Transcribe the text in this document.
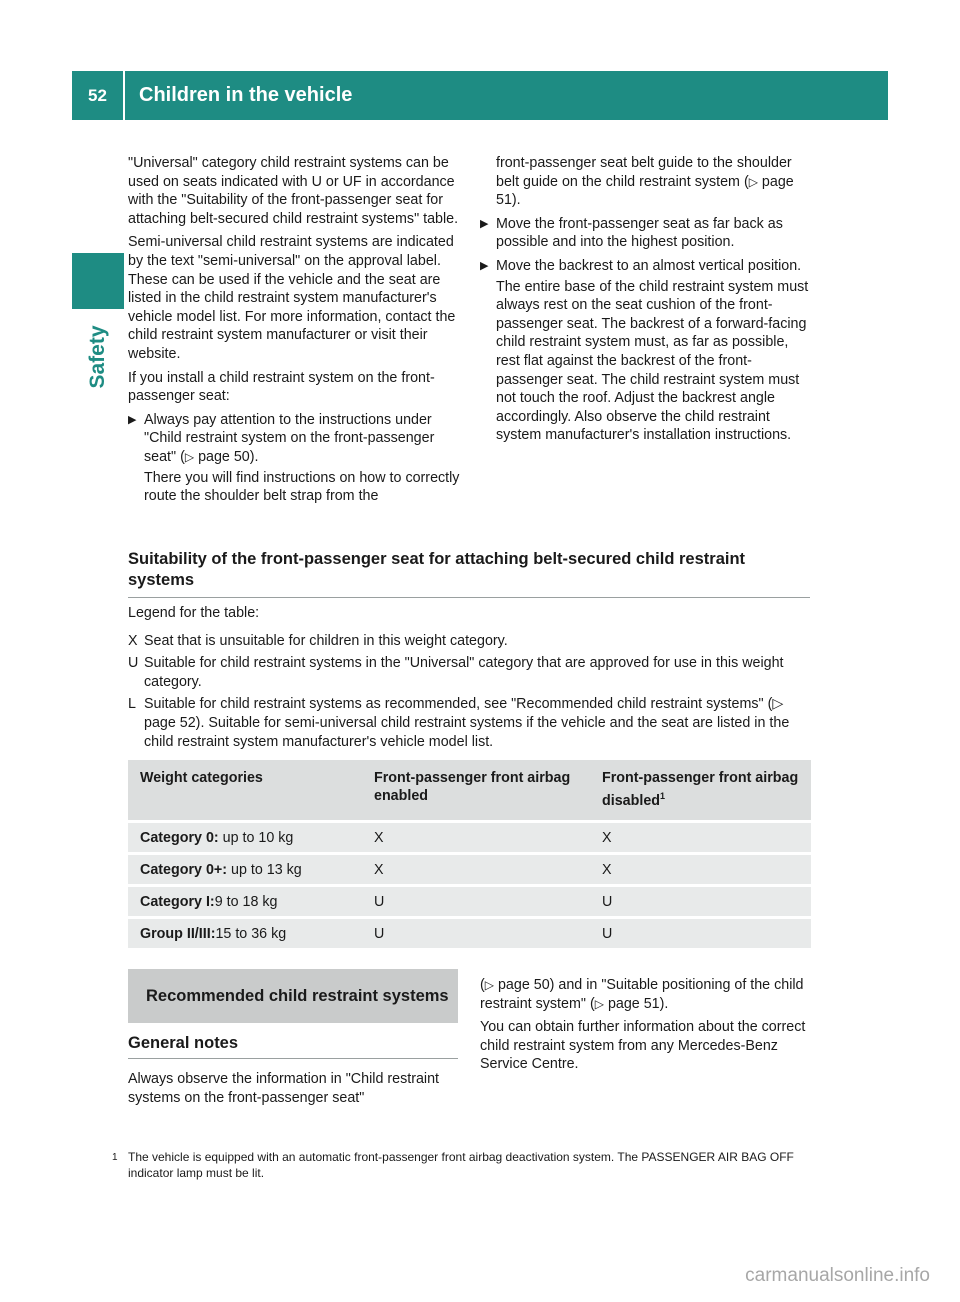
52	Children in the vehicle
Safety

"Universal" category child restraint systems can be used on seats indicated with U or UF in accordance with the "Suitability of the front-passenger seat for attaching belt-secured child restraint systems" table.

Semi-universal child restraint systems are indicated by the text "semi-universal" on the approval label. These can be used if the vehicle and the seat are listed in the child restraint system manufacturer's vehicle model list. For more information, contact the child restraint system manufacturer or visit their website.

If you install a child restraint system on the front-passenger seat:

▶ Always pay attention to the instructions under "Child restraint system on the front-passenger seat" (▷ page 50).
There you will find instructions on how to correctly route the shoulder belt strap from the
front-passenger seat belt guide to the shoulder belt guide on the child restraint system (▷ page 51).
▶ Move the front-passenger seat as far back as possible and into the highest position.
▶ Move the backrest to an almost vertical position.
The entire base of the child restraint system must always rest on the seat cushion of the front-passenger seat. The backrest of a forward-facing child restraint system must, as far as possible, rest flat against the backrest of the front-passenger seat. The child restraint system must not touch the roof. Adjust the backrest angle accordingly. Also observe the child restraint system manufacturer's installation instructions.
Suitability of the front-passenger seat for attaching belt-secured child restraint systems

Legend for the table:

X Seat that is unsuitable for children in this weight category.
U Suitable for child restraint systems in the "Universal" category that are approved for use in this weight category.
L Suitable for child restraint systems as recommended, see "Recommended child restraint systems" (▷ page 52). Suitable for semi-universal child restraint systems if the vehicle and the seat are listed in the child restraint system manufacturer's vehicle model list.
Weight categories	Front-passenger front airbag enabled	Front-passenger front airbag disabled$^1$
Category 0: up to 10 kg	X	X
Category 0+: up to 13 kg	X	X
Category I:9 to 18 kg	U	U
Group II/III:15 to 36 kg	U	U
Recommended child restraint systems
General notes

Always observe the information in "Child restraint systems on the front-passenger seat"

(▷ page 50) and in "Suitable positioning of the child restraint system" (▷ page 51).

You can obtain further information about the correct child restraint system from any Mercedes-Benz Service Centre.

1 The vehicle is equipped with an automatic front-passenger front airbag deactivation system. The PASSENGER AIR BAG OFF indicator lamp must be lit.
carmanualsonline.info
